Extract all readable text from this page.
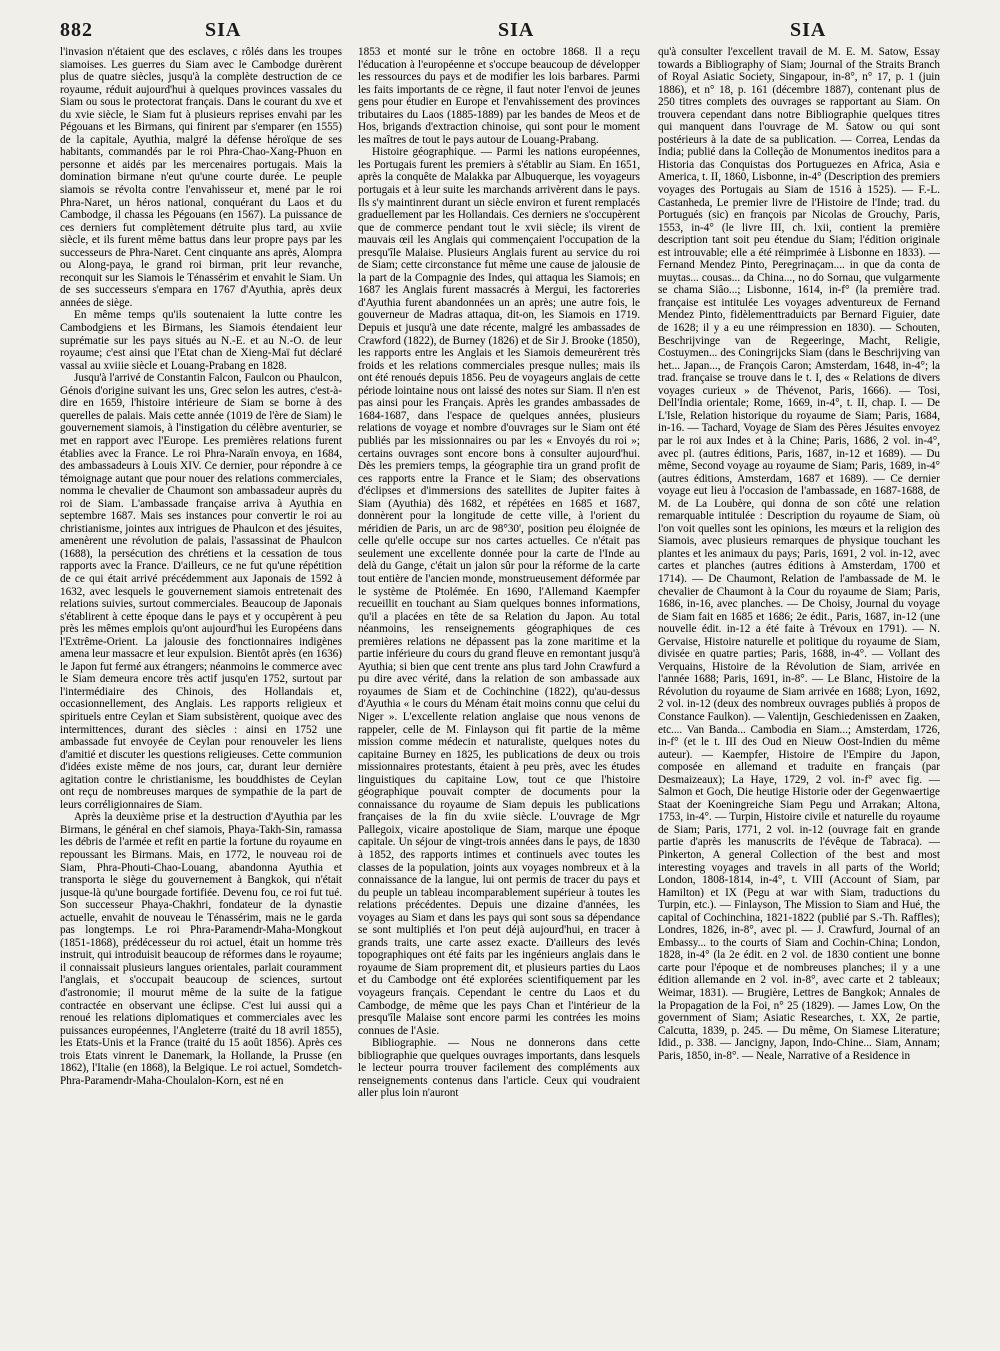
882	SIA	SIA	SIA

l'invasion n'étaient que des esclaves, c rôlés dans les troupes siamoises. Les guerres du Siam avec le Cambodge durèrent plus de quatre siècles, jusqu'à la complète destruction de ce royaume, réduit aujourd'hui à quelques provinces vassales du Siam ou sous le protectorat français. Dans le courant du xve et du xvie siècle, le Siam fut à plusieurs reprises envahi par les Pégouans et les Birmans, qui finirent par s'emparer (en 1555) de la capitale, Ayuthia, malgré la défense héroïque de ses habitants, commandés par le roi Phra-Chao-Xang-Phuon en personne et aidés par les mercenaires portugais. Mais la domination birmane n'eut qu'une courte durée. Le peuple siamois se révolta contre l'envahisseur et, mené par le roi Phra-Naret, un héros national, conquérant du Laos et du Cambodge, il chassa les Pégouans (en 1567). La puissance de ces derniers fut complètement détruite plus tard, au xviie siècle, et ils furent même battus dans leur propre pays par les successeurs de Phra-Naret. Cent cinquante ans après, Alompra ou Along-paya, le grand roi birman, prit leur revanche, reconquit sur les Siamois le Ténassérim et envahit le Siam. Un de ses successeurs s'empara en 1767 d'Ayuthia, après deux années de siège.

En même temps qu'ils soutenaient la lutte contre les Cambodgiens et les Birmans, les Siamois étendaient leur suprématie sur les pays situés au N.-E. et au N.-O. de leur royaume; c'est ainsi que l'Etat chan de Xieng-Maï fut déclaré vassal au xviiie siècle et Louang-Prabang en 1828.

Jusqu'à l'arrivé de Constantin Falcon, Faulcon ou Phaulcon, Génois d'origine suivant les uns, Grec selon les autres, c'est-à-dire en 1659, l'histoire intérieure de Siam se borne à des querelles de palais. Mais cette année (1019 de l'ère de Siam) le gouvernement siamois, à l'instigation du célèbre aventurier, se met en rapport avec l'Europe. Les premières relations furent établies avec la France. Le roi Phra-Naraïn envoya, en 1684, des ambassadeurs à Louis XIV. Ce dernier, pour répondre à ce témoignage autant que pour nouer des relations commerciales, nomma le chevalier de Chaumont son ambassadeur auprès du roi de Siam. L'ambassade française arriva à Ayuthia en septembre 1687. Mais ses instances pour convertir le roi au christianisme, jointes aux intrigues de Phaulcon et des jésuites, amenèrent une révolution de palais, l'assassinat de Phaulcon (1688), la persécution des chrétiens et la cessation de tous rapports avec la France. D'ailleurs, ce ne fut qu'une répétition de ce qui était arrivé précédemment aux Japonais de 1592 à 1632, avec lesquels le gouvernement siamois entretenait des relations suivies, surtout commerciales. Beaucoup de Japonais s'établirent à cette époque dans le pays et y occupèrent à peu près les mêmes emplois qu'ont aujourd'hui les Européens dans l'Extrême-Orient. La jalousie des fonctionnaires indigènes amena leur massacre et leur expulsion. Bientôt après (en 1636) le Japon fut fermé aux étrangers; néanmoins le commerce avec le Siam demeura encore très actif jusqu'en 1752, surtout par l'intermédiaire des Chinois, des Hollandais et, occasionnellement, des Anglais. Les rapports religieux et spirituels entre Ceylan et Siam subsistèrent, quoique avec des intermittences, durant des siècles : ainsi en 1752 une ambassade fut envoyée de Ceylan pour renouveler les liens d'amitié et discuter les questions religieuses. Cette communion d'idées existe même de nos jours, car, durant leur dernière agitation contre le christianisme, les bouddhistes de Ceylan ont reçu de nombreuses marques de sympathie de la part de leurs corréligionnaires de Siam.

Après la deuxième prise et la destruction d'Ayuthia par les Birmans, le général en chef siamois, Phaya-Takh-Sin, ramassa les débris de l'armée et refit en partie la fortune du royaume en repoussant les Birmans. Mais, en 1772, le nouveau roi de Siam, Phra-Phouti-Chao-Louang, abandonna Ayuthia et transporta le siège du gouvernement à Bangkok, qui n'était jusque-là qu'une bourgade fortifiée. Devenu fou, ce roi fut tué. Son successeur Phaya-Chakhri, fondateur de la dynastie actuelle, envahit de nouveau le Ténassérim, mais ne le garda pas longtemps. Le roi Phra-Paramendr-Maha-Mongkout (1851-1868), prédécesseur du roi actuel, était un homme très instruit, qui introduisit beaucoup de réformes dans le royaume; il connaissait plusieurs langues orientales, parlait couramment l'anglais, et s'occupait beaucoup de sciences, surtout d'astronomie; il mourut même de la suite de la fatigue contractée en observant une éclipse. C'est lui aussi qui a renoué les relations diplomatiques et commerciales avec les puissances européennes, l'Angleterre (traité du 18 avril 1855), les Etats-Unis et la France (traité du 15 août 1856). Après ces trois Etats vinrent le Danemark, la Hollande, la Prusse (en 1862), l'Italie (en 1868), la Belgique. Le roi actuel, Somdetch-Phra-Paramendr-Maha-Choulalon-Korn, est né en

1853 et monté sur le trône en octobre 1868. Il a reçu l'éducation à l'européenne et s'occupe beaucoup de développer les ressources du pays et de modifier les lois barbares. Parmi les faits importants de ce règne, il faut noter l'envoi de jeunes gens pour étudier en Europe et l'envahissement des provinces tributaires du Laos (1885-1889) par les bandes de Meos et de Hos, brigands d'extraction chinoise, qui sont pour le moment les maîtres de tout le pays autour de Louang-Prabang.

Histoire géographique. — Parmi les nations européennes, les Portugais furent les premiers à s'établir au Siam. En 1651, après la conquête de Malakka par Albuquerque, les voyageurs portugais et à leur suite les marchands arrivèrent dans le pays. Ils s'y maintinrent durant un siècle environ et furent remplacés graduellement par les Hollandais. Ces derniers ne s'occupèrent que de commerce pendant tout le xvii siècle; ils virent de mauvais œil les Anglais qui commençaient l'occupation de la presqu'île Malaise. Plusieurs Anglais furent au service du roi de Siam; cette circonstance fut même une cause de jalousie de la part de la Compagnie des Indes, qui attaqua les Siamois; en 1687 les Anglais furent massacrés à Mergui, les factoreries d'Ayuthia furent abandonnées un an après; une autre fois, le gouverneur de Madras attaqua, dit-on, les Siamois en 1719. Depuis et jusqu'à une date récente, malgré les ambassades de Crawford (1822), de Burney (1826) et de Sir J. Brooke (1850), les rapports entre les Anglais et les Siamois demeurèrent très froids et les relations commerciales presque nulles; mais ils ont été renoués depuis 1856. Peu de voyageurs anglais de cette période lointaine nous ont laissé des notes sur Siam. Il n'en est pas ainsi pour les Français. Après les grandes ambassades de 1684-1687, dans l'espace de quelques années, plusieurs relations de voyage et nombre d'ouvrages sur le Siam ont été publiés par les missionnaires ou par les « Envoyés du roi »; certains ouvrages sont encore bons à consulter aujourd'hui. Dès les premiers temps, la géographie tira un grand profit de ces rapports entre la France et le Siam; des observations d'éclipses et d'immersions des satellites de Jupiter faites à Siam (Ayuthia) dès 1682, et répétées en 1685 et 1687, donnèrent pour la longitude de cette ville, à l'orient du méridien de Paris, un arc de 98°30', position peu éloignée de celle qu'elle occupe sur nos cartes actuelles. Ce n'était pas seulement une excellente donnée pour la carte de l'Inde au delà du Gange, c'était un jalon sûr pour la réforme de la carte tout entière de l'ancien monde, monstrueusement déformée par le système de Ptolémée. En 1690, l'Allemand Kaempfer recueillit en touchant au Siam quelques bonnes informations, qu'il a placées en tête de sa Relation du Japon. Au total néanmoins, les renseignements géographiques de ces premières relations ne dépassent pas la zone maritime et la partie inférieure du cours du grand fleuve en remontant jusqu'à Ayuthia; si bien que cent trente ans plus tard John Crawfurd a pu dire avec vérité, dans la relation de son ambassade aux royaumes de Siam et de Cochinchine (1822), qu'au-dessus d'Ayuthia « le cours du Ménam était moins connu que celui du Niger ». L'excellente relation anglaise que nous venons de rappeler, celle de M. Finlayson qui fit partie de la même mission comme médecin et naturaliste, quelques notes du capitaine Burney en 1825, les publications de deux ou trois missionnaires protestants, étaient à peu près, avec les études linguistiques du capitaine Low, tout ce que l'histoire géographique pouvait compter de documents pour la connaissance du royaume de Siam depuis les publications françaises de la fin du xviie siècle. L'ouvrage de Mgr Pallegoix, vicaire apostolique de Siam, marque une époque capitale. Un séjour de vingt-trois années dans le pays, de 1830 à 1852, des rapports intimes et continuels avec toutes les classes de la population, joints aux voyages nombreux et à la connaissance de la langue, lui ont permis de tracer du pays et du peuple un tableau incomparablement supérieur à toutes les relations précédentes. Depuis une dizaine d'années, les voyages au Siam et dans les pays qui sont sous sa dépendance se sont multipliés et l'on peut déjà aujourd'hui, en tracer à grands traits, une carte assez exacte. D'ailleurs des levés topographiques ont été faits par les ingénieurs anglais dans le royaume de Siam proprement dit, et plusieurs parties du Laos et du Cambodge ont été explorées scientifiquement par les voyageurs français. Cependant le centre du Laos et du Cambodge, de même que les pays Chan et l'intérieur de la presqu'île Malaise sont encore parmi les contrées les moins connues de l'Asie.

Bibliographie. — Nous ne donnerons dans cette bibliographie que quelques ouvrages importants, dans lesquels le lecteur pourra trouver facilement des compléments aux renseignements contenus dans l'article. Ceux qui voudraient aller plus loin n'auront

qu'à consulter l'excellent travail de M. E. M. Satow, Essay towards a Bibliography of Siam; Journal of the Straits Branch of Royal Asiatic Society, Singapour, in-8°, n° 17, p. 1 (juin 1886), et n° 18, p. 161 (décembre 1887), contenant plus de 250 titres complets des ouvrages se rapportant au Siam. On trouvera cependant dans notre Bibliographie quelques titres qui manquent dans l'ouvrage de M. Satow ou qui sont postérieurs à la date de sa publication. — Correa, Lendas da India; publié dans la Colleção de Monumentos ineditos para a Historia das Conquistas dos Portuguezes en Africa, Asia e America, t. II, 1860, Lisbonne, in-4° (Description des premiers voyages des Portugais au Siam de 1516 à 1525). — F.-L. Castanheda, Le premier livre de l'Histoire de l'Inde; trad. du Portugués (sic) en françois par Nicolas de Grouchy, Paris, 1553, in-4° (le livre III, ch. lxii, contient la première description tant soit peu étendue du Siam; l'édition originale est introuvable; elle a été réimprimée à Lisbonne en 1833). — Fernand Mendez Pinto, Peregrinaçam.... in que da conta de muytas... cousas... da China..., no do Sornau, que vulgarmente se chama Siâo...; Lisbonne, 1614, in-f° (la première trad. française est intitulée Les voyages adventureux de Fernand Mendez Pinto, fidèlementtraduicts par Bernard Figuier, date de 1628; il y a eu une réimpression en 1830). — Schouten, Beschrijvinge van de Regeeringe, Macht, Religie, Costuymen... des Coningrijcks Siam (dans le Beschrijving van het... Japan..., de François Caron; Amsterdam, 1648, in-4°; la trad. française se trouve dans le t. I, des « Relations de divers voyages curieux » de Thévenot, Paris, 1666). — Tosi, Dell'India orientale; Rome, 1669, in-4°, t. II, chap. I. — De L'Isle, Relation historique du royaume de Siam; Paris, 1684, in-16. — Tachard, Voyage de Siam des Pères Jésuites envoyez par le roi aux Indes et à la Chine; Paris, 1686, 2 vol. in-4°, avec pl. (autres éditions, Paris, 1687, in-12 et 1689). — Du même, Second voyage au royaume de Siam; Paris, 1689, in-4° (autres éditions, Amsterdam, 1687 et 1689). — Ce dernier voyage eut lieu à l'occasion de l'ambassade, en 1687-1688, de M. de La Loubère, qui donna de son côté une relation remarquable intitulée : Description du royaume de Siam, où l'on voit quelles sont les opinions, les mœurs et la religion des Siamois, avec plusieurs remarques de physique touchant les plantes et les animaux du pays; Paris, 1691, 2 vol. in-12, avec cartes et planches (autres éditions à Amsterdam, 1700 et 1714). — De Chaumont, Relation de l'ambassade de M. le chevalier de Chaumont à la Cour du royaume de Siam; Paris, 1686, in-16, avec planches. — De Choisy, Journal du voyage de Siam fait en 1685 et 1686; 2e édit., Paris, 1687, in-12 (une nouvelle édit. in-12 a été faite à Trévoux en 1791). — N. Gervaise, Histoire naturelle et politique du royaume de Siam, divisée en quatre parties; Paris, 1688, in-4°. — Vollant des Verquains, Histoire de la Révolution de Siam, arrivée en l'année 1688; Paris, 1691, in-8°. — Le Blanc, Histoire de la Révolution du royaume de Siam arrivée en 1688; Lyon, 1692, 2 vol. in-12 (deux des nombreux ouvrages publiés à propos de Constance Faulkon). — Valentijn, Geschiedenissen en Zaaken, etc.... Van Banda... Cambodia en Siam...; Amsterdam, 1726, in-f° (et le t. III des Oud en Nieuw Oost-Indien du même auteur). — Kaempfer, Histoire de l'Empire du Japon, composée en allemand et traduite en français (par Desmaizeaux); La Haye, 1729, 2 vol. in-f° avec fig. — Salmon et Goch, Die heutige Historie oder der Gegenwaertige Staat der Koeningreiche Siam Pegu und Arrakan; Altona, 1753, in-4°. — Turpin, Histoire civile et naturelle du royaume de Siam; Paris, 1771, 2 vol. in-12 (ouvrage fait en grande partie d'après les manuscrits de l'évêque de Tabraca). — Pinkerton, A general Collection of the best and most interesting voyages and travels in all parts of the World; London, 1808-1814, in-4°, t. VIII (Account of Siam, par Hamilton) et IX (Pegu at war with Siam, traductions du Turpin, etc.). — Finlayson, The Mission to Siam and Hué, the capital of Cochinchina, 1821-1822 (publié par S.-Th. Raffles); Londres, 1826, in-8°, avec pl. — J. Crawfurd, Journal of an Embassy... to the courts of Siam and Cochin-China; London, 1828, in-4° (la 2e édit. en 2 vol. de 1830 contient une bonne carte pour l'époque et de nombreuses planches; il y a une édition allemande en 2 vol. in-8°, avec carte et 2 tableaux; Weimar, 1831). — Brugière, Lettres de Bangkok; Annales de la Propagation de la Foi, n° 25 (1829). — James Low, On the government of Siam; Asiatic Researches, t. XX, 2e partie, Calcutta, 1839, p. 245. — Du même, On Siamese Literature; Idid., p. 338. — Jancigny, Japon, Indo-Chine... Siam, Annam; Paris, 1850, in-8°. — Neale, Narrative of a Residence in
